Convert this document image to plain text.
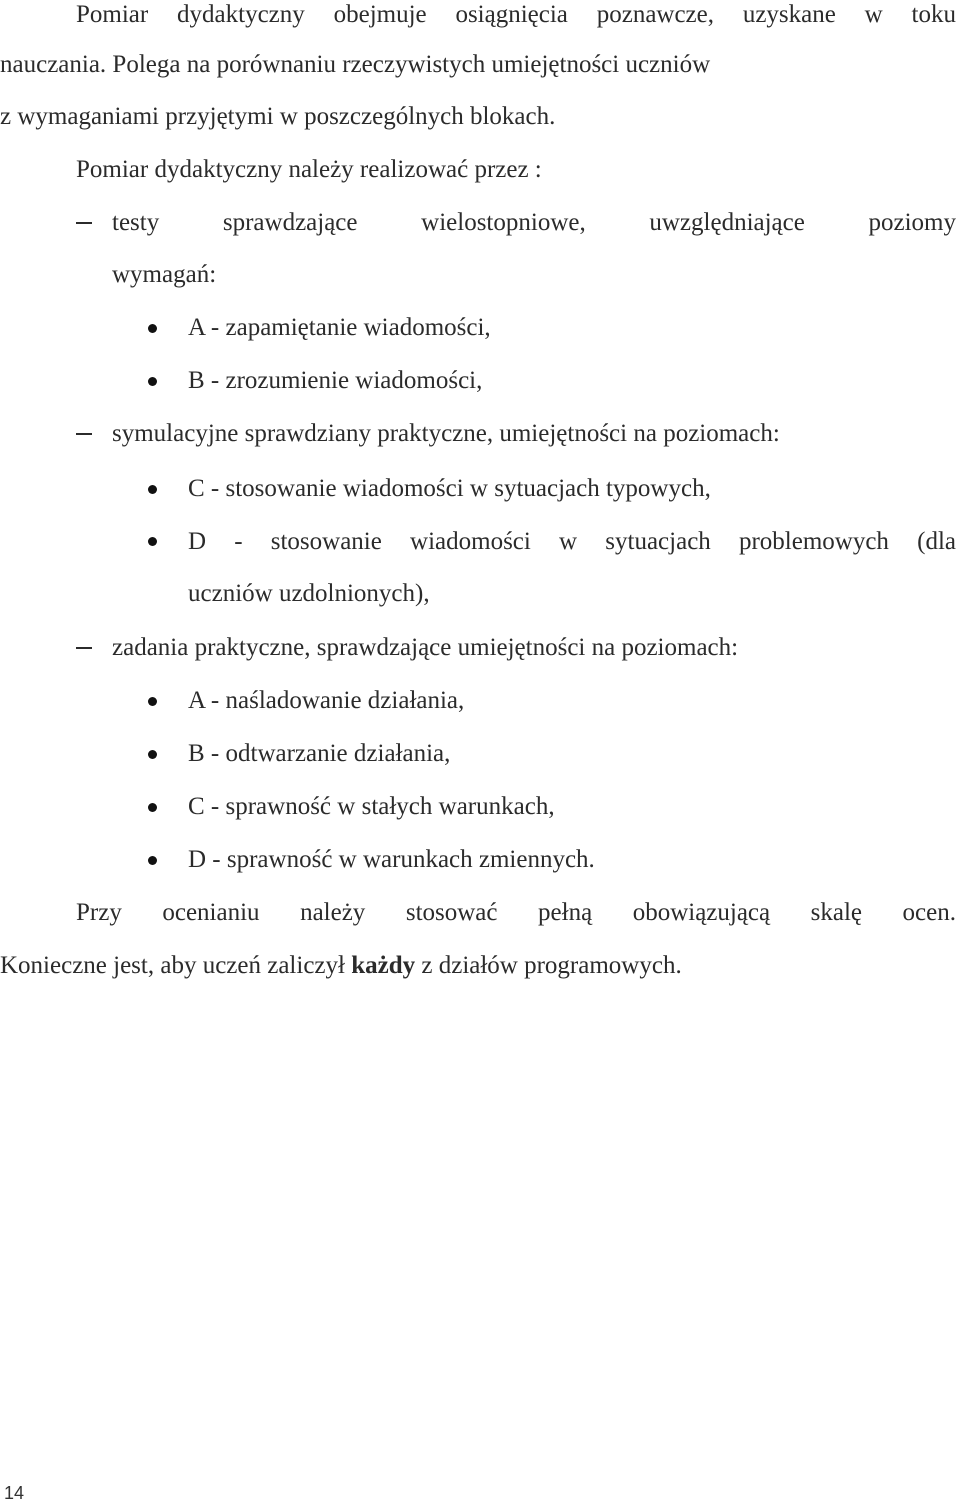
Pomiar dydaktyczny obejmuje osiągnięcia poznawcze, uzyskane w toku
nauczania. Polega na porównaniu rzeczywistych umiejętności uczniów
z wymaganiami przyjętymi w poszczególnych blokach.
Pomiar dydaktyczny należy realizować przez :
testy sprawdzające wielostopniowe, uwzględniające poziomy
wymagań:
A - zapamiętanie wiadomości,
B - zrozumienie wiadomości,
symulacyjne sprawdziany praktyczne, umiejętności na poziomach:
C - stosowanie wiadomości w sytuacjach typowych,
D - stosowanie wiadomości w sytuacjach problemowych (dla
uczniów uzdolnionych),
zadania praktyczne, sprawdzające umiejętności na poziomach:
A - naśladowanie działania,
B - odtwarzanie działania,
C - sprawność w stałych warunkach,
D - sprawność w warunkach zmiennych.
Przy ocenianiu należy stosować pełną obowiązującą skalę ocen.
Konieczne jest, aby uczeń zaliczył każdy z działów programowych.
14
